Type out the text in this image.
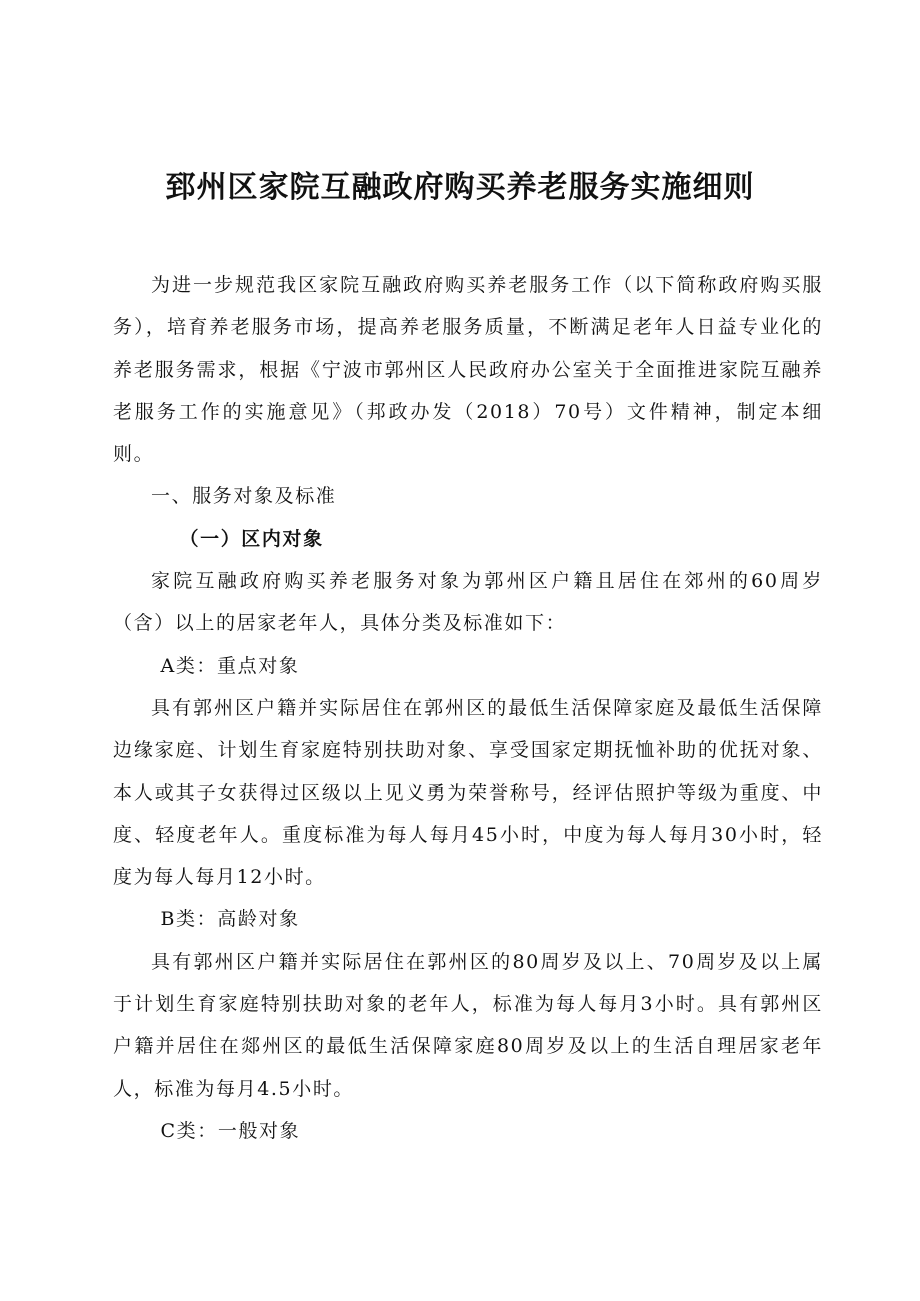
郅州区家院互融政府购买养老服务实施细则

为进一步规范我区家院互融政府购买养老服务工作（以下简称政府购买服务），培育养老服务市场，提高养老服务质量，不断满足老年人日益专业化的养老服务需求，根据《宁波市郭州区人民政府办公室关于全面推进家院互融养老服务工作的实施意见》（邦政办发（2018）70号）文件精神，制定本细则。

一、服务对象及标准

（一）区内对象

家院互融政府购买养老服务对象为郭州区户籍且居住在郊州的60周岁（含）以上的居家老年人，具体分类及标准如下：

A类：重点对象

具有郭州区户籍并实际居住在郭州区的最低生活保障家庭及最低生活保障边缘家庭、计划生育家庭特别扶助对象、享受国家定期抚恤补助的优抚对象、本人或其子女获得过区级以上见义勇为荣誉称号，经评估照护等级为重度、中度、轻度老年人。重度标准为每人每月45小时，中度为每人每月30小时，轻度为每人每月12小时。

B类：高龄对象

具有郭州区户籍并实际居住在郭州区的80周岁及以上、70周岁及以上属于计划生育家庭特别扶助对象的老年人，标准为每人每月3小时。具有郭州区户籍并居住在郯州区的最低生活保障家庭80周岁及以上的生活自理居家老年人，标准为每月4.5小时。

C类：一般对象
